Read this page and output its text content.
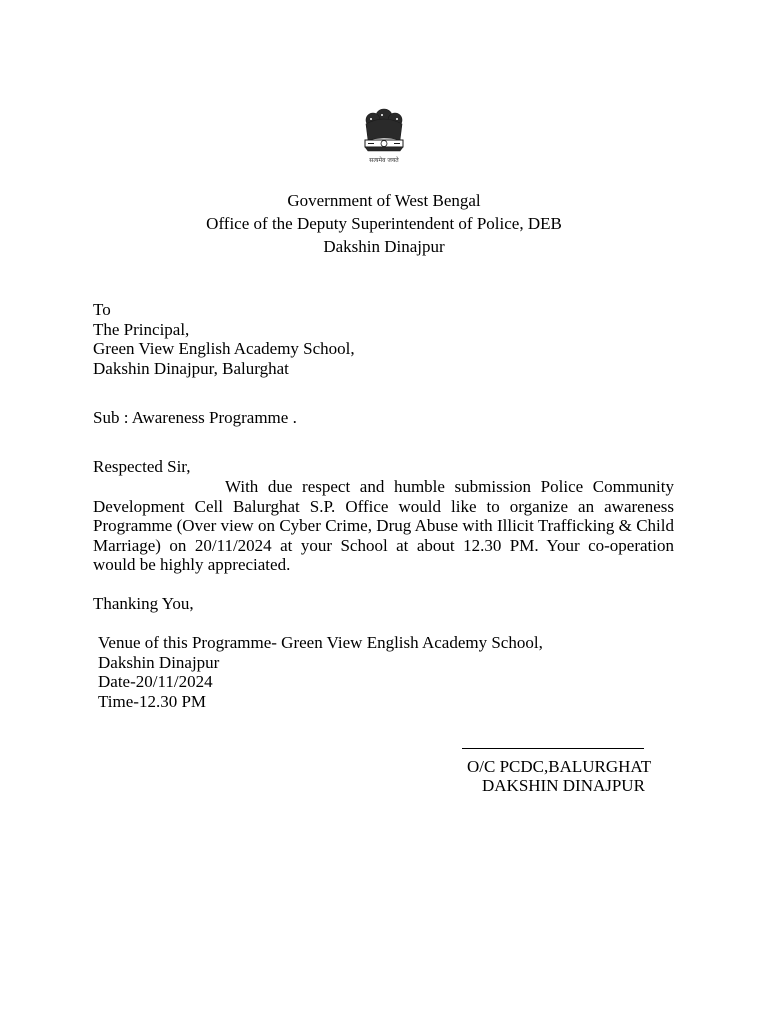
सत्यमेव जयते
Government of West Bengal
Office of the Deputy Superintendent of Police, DEB
Dakshin Dinajpur
To
The Principal,
Green View English Academy School,
Dakshin Dinajpur, Balurghat
Sub : Awareness Programme .
Respected Sir,
With due respect and humble submission Police Community Development Cell Balurghat S.P. Office would like to organize an awareness Programme (Over view on Cyber Crime, Drug Abuse with Illicit Trafficking & Child Marriage) on 20/11/2024 at your School at about 12.30 PM. Your co-operation would be highly appreciated.
Thanking You,
Venue of this Programme- Green View English Academy School,
Dakshin Dinajpur
Date-20/11/2024
Time-12.30 PM
O/C PCDC,BALURGHAT
DAKSHIN DINAJPUR
